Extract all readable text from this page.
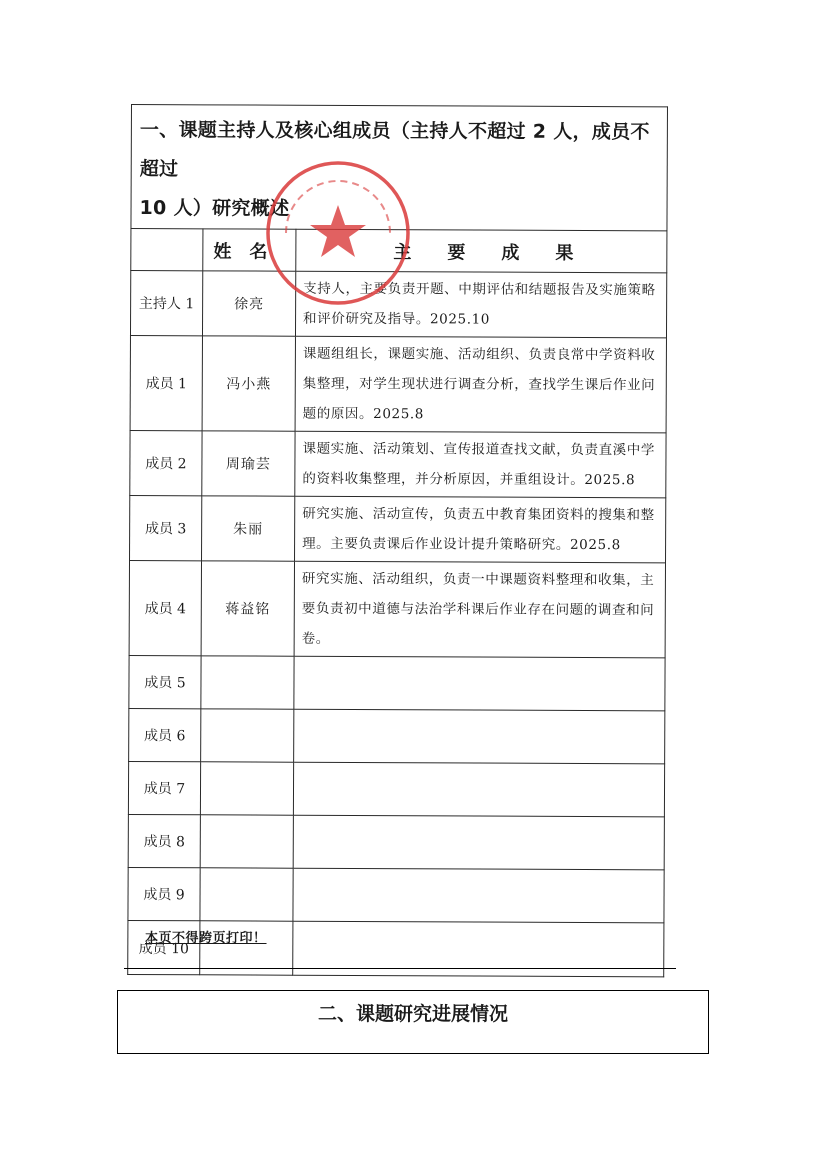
一、课题主持人及核心组成员（主持人不超过 2 人，成员不超过
10 人）研究概述		

	姓名	主要成果
主持人 1	徐亮	支持人，主要负责开题、中期评估和结题报告及实施策略和评价研究及指导。2025.10
成员 1	冯小燕	课题组组长，课题实施、活动组织、负责良常中学资料收集整理，对学生现状进行调查分析，查找学生课后作业问题的原因。2025.8
成员 2	周瑜芸	课题实施、活动策划、宣传报道查找文献，负责直溪中学的资料收集整理，并分析原因，并重组设计。2025.8
成员 3	朱丽	研究实施、活动宣传，负责五中教育集团资料的搜集和整理。主要负责课后作业设计提升策略研究。2025.8
成员 4	蒋益铭	研究实施、活动组织，负责一中课题资料整理和收集，主要负责初中道德与法治学科课后作业存在问题的调查和问卷。
成员 5		
成员 6		
成员 7		
成员 8		
成员 9		
成员 10		
本页不得跨页打印！
二、课题研究进展情况
